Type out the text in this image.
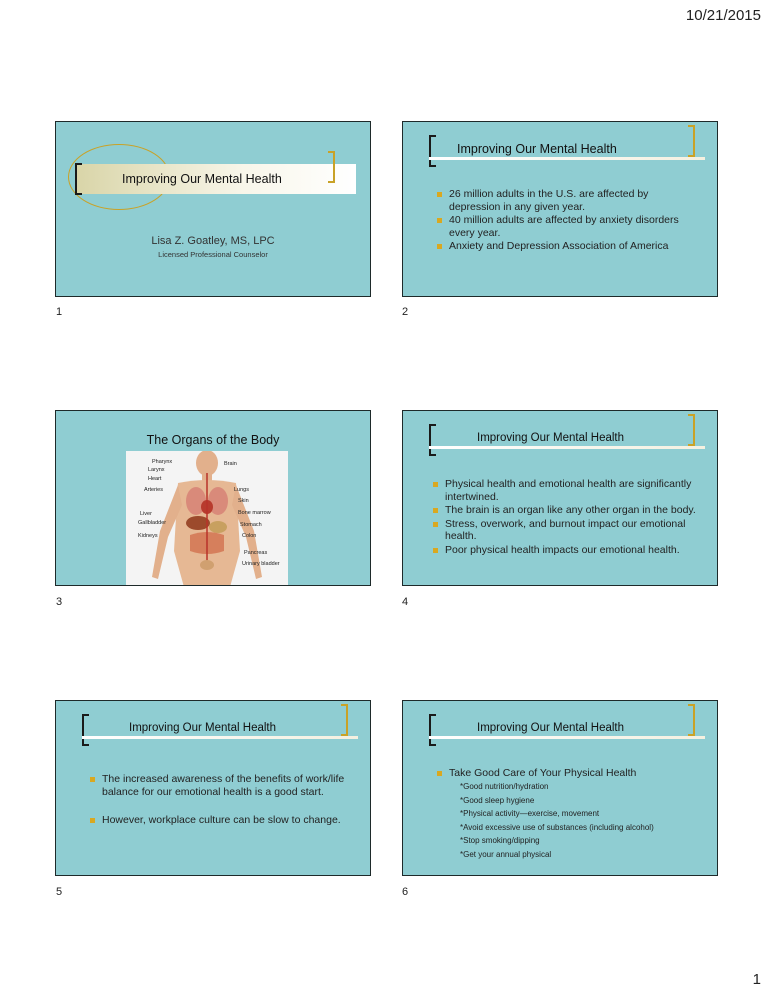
10/21/2015
Improving Our Mental Health
Lisa Z. Goatley, MS, LPC
Licensed Professional Counselor
1
Improving Our Mental Health
26 million adults in the U.S. are affected by depression in any given year.
40 million adults are affected by anxiety disorders every year.
Anxiety and Depression Association of America
2
The Organs of the Body
Pharynx
Larynx
Heart
Arteries
Liver
Gallbladder
Kidneys
Brain
Lungs
Skin
Bone marrow
Stomach
Colon
Pancreas
Urinary bladder
3
Improving Our Mental Health
Physical health and emotional health are significantly intertwined.
The brain is an organ like any other organ in the body.
Stress, overwork, and burnout impact our emotional health.
Poor physical health impacts our emotional health.
4
Improving Our Mental Health
The increased awareness of the benefits of work/life balance for our emotional health is a good start.
However, workplace culture can be slow to change.
5
Improving Our Mental Health
Take Good Care of Your Physical Health
*Good nutrition/hydration
*Good sleep hygiene
*Physical activity—exercise, movement
*Avoid excessive use of substances (including alcohol)
*Stop smoking/dipping
*Get your annual physical
6
1
